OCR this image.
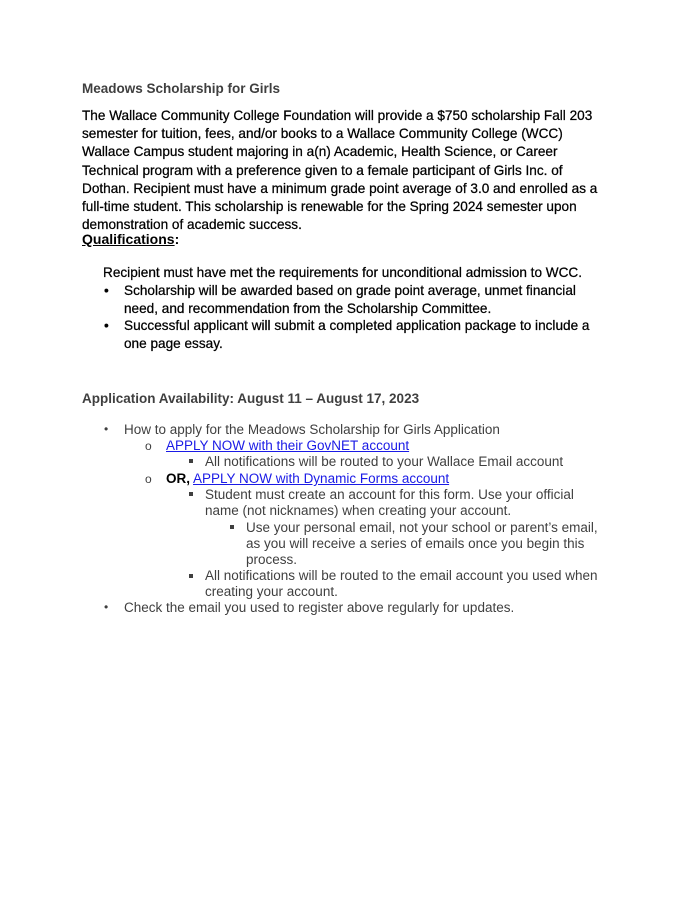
Meadows Scholarship for Girls
The Wallace Community College Foundation will provide a $750 scholarship Fall 203
semester for tuition, fees, and/or books to a Wallace Community College (WCC)
Wallace Campus student majoring in a(n) Academic, Health Science, or Career
Technical program with a preference given to a female participant of Girls Inc. of
Dothan. Recipient must have a minimum grade point average of 3.0 and enrolled as a
full-time student. This scholarship is renewable for the Spring 2024 semester upon
demonstration of academic success.
Qualifications:

Recipient must have met the requirements for unconditional admission to WCC.

• Scholarship will be awarded based on grade point average, unmet financial
need, and recommendation from the Scholarship Committee.
• Successful applicant will submit a completed application package to include a
one page essay.
Application Availability: August 11 – August 17, 2023
• How to apply for the Meadows Scholarship for Girls Application
o APPLY NOW with their GovNET account
All notifications will be routed to your Wallace Email account
o OR, APPLY NOW with Dynamic Forms account
Student must create an account for this form. Use your official
name (not nicknames) when creating your account.
Use your personal email, not your school or parent’s email,
as you will receive a series of emails once you begin this
process.
All notifications will be routed to the email account you used when
creating your account.
• Check the email you used to register above regularly for updates.
